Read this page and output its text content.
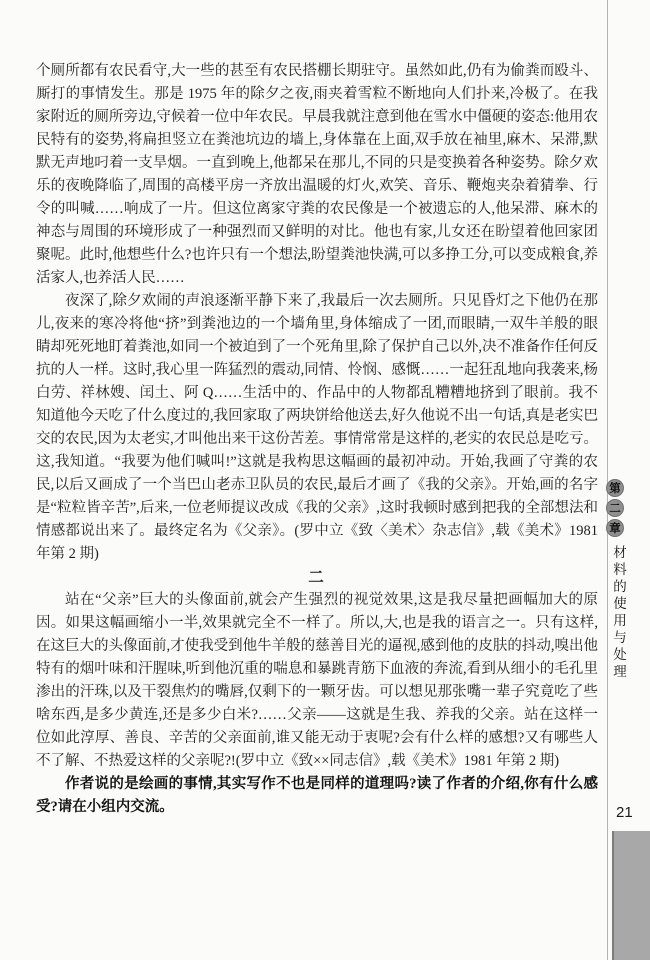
个厕所都有农民看守,大一些的甚至有农民搭棚长期驻守。虽然如此,仍有为偷粪而殴斗、厮打的事情发生。那是 1975 年的除夕之夜,雨夹着雪粒不断地向人们扑来,冷极了。在我家附近的厕所旁边,守候着一位中年农民。早晨我就注意到他在雪水中僵硬的姿态:他用农民特有的姿势,将扁担竖立在粪池坑边的墙上,身体靠在上面,双手放在袖里,麻木、呆滞,默默无声地叼着一支旱烟。一直到晚上,他都呆在那儿,不同的只是变换着各种姿势。除夕欢乐的夜晚降临了,周围的高楼平房一齐放出温暖的灯火,欢笑、音乐、鞭炮夹杂着猜拳、行令的叫喊……响成了一片。但这位离家守粪的农民像是一个被遗忘的人,他呆滞、麻木的神态与周围的环境形成了一种强烈而又鲜明的对比。他也有家,儿女还在盼望着他回家团聚呢。此时,他想些什么?也许只有一个想法,盼望粪池快满,可以多挣工分,可以变成粮食,养活家人,也养活人民……

夜深了,除夕欢闹的声浪逐渐平静下来了,我最后一次去厕所。只见昏灯之下他仍在那儿,夜来的寒冷将他“挤”到粪池边的一个墙角里,身体缩成了一团,而眼睛,一双牛羊般的眼睛却死死地盯着粪池,如同一个被迫到了一个死角里,除了保护自己以外,决不准备作任何反抗的人一样。这时,我心里一阵猛烈的震动,同情、怜悯、感慨……一起狂乱地向我袭来,杨白劳、祥林嫂、闰土、阿 Q……生活中的、作品中的人物都乱糟糟地挤到了眼前。我不知道他今天吃了什么度过的,我回家取了两块饼给他送去,好久他说不出一句话,真是老实巴交的农民,因为太老实,才叫他出来干这份苦差。事情常常是这样的,老实的农民总是吃亏。这,我知道。“我要为他们喊叫!”这就是我构思这幅画的最初冲动。开始,我画了守粪的农民,以后又画成了一个当巴山老赤卫队员的农民,最后才画了《我的父亲》。开始,画的名字是“粒粒皆辛苦”,后来,一位老师提议改成《我的父亲》,这时我顿时感到把我的全部想法和情感都说出来了。最终定名为《父亲》。(罗中立《致〈美术〉杂志信》,载《美术》1981 年第 2 期)

二

站在“父亲”巨大的头像面前,就会产生强烈的视觉效果,这是我尽量把画幅加大的原因。如果这幅画缩小一半,效果就完全不一样了。所以,大,也是我的语言之一。只有这样,在这巨大的头像面前,才使我受到他牛羊般的慈善目光的逼视,感到他的皮肤的抖动,嗅出他特有的烟叶味和汗腥味,听到他沉重的喘息和暴跳青筋下血液的奔流,看到从细小的毛孔里渗出的汗珠,以及干裂焦灼的嘴唇,仅剩下的一颗牙齿。可以想见那张嘴一辈子究竟吃了些啥东西,是多少黄连,还是多少白米?……父亲——这就是生我、养我的父亲。站在这样一位如此淳厚、善良、辛苦的父亲面前,谁又能无动于衷呢?会有什么样的感想?又有哪些人不了解、不热爱这样的父亲呢?!(罗中立《致××同志信》,载《美术》1981 年第 2 期)

作者说的是绘画的事情,其实写作不也是同样的道理吗?读了作者的介绍,你有什么感受?请在小组内交流。

第
二
章
材料的使用与处理
21
